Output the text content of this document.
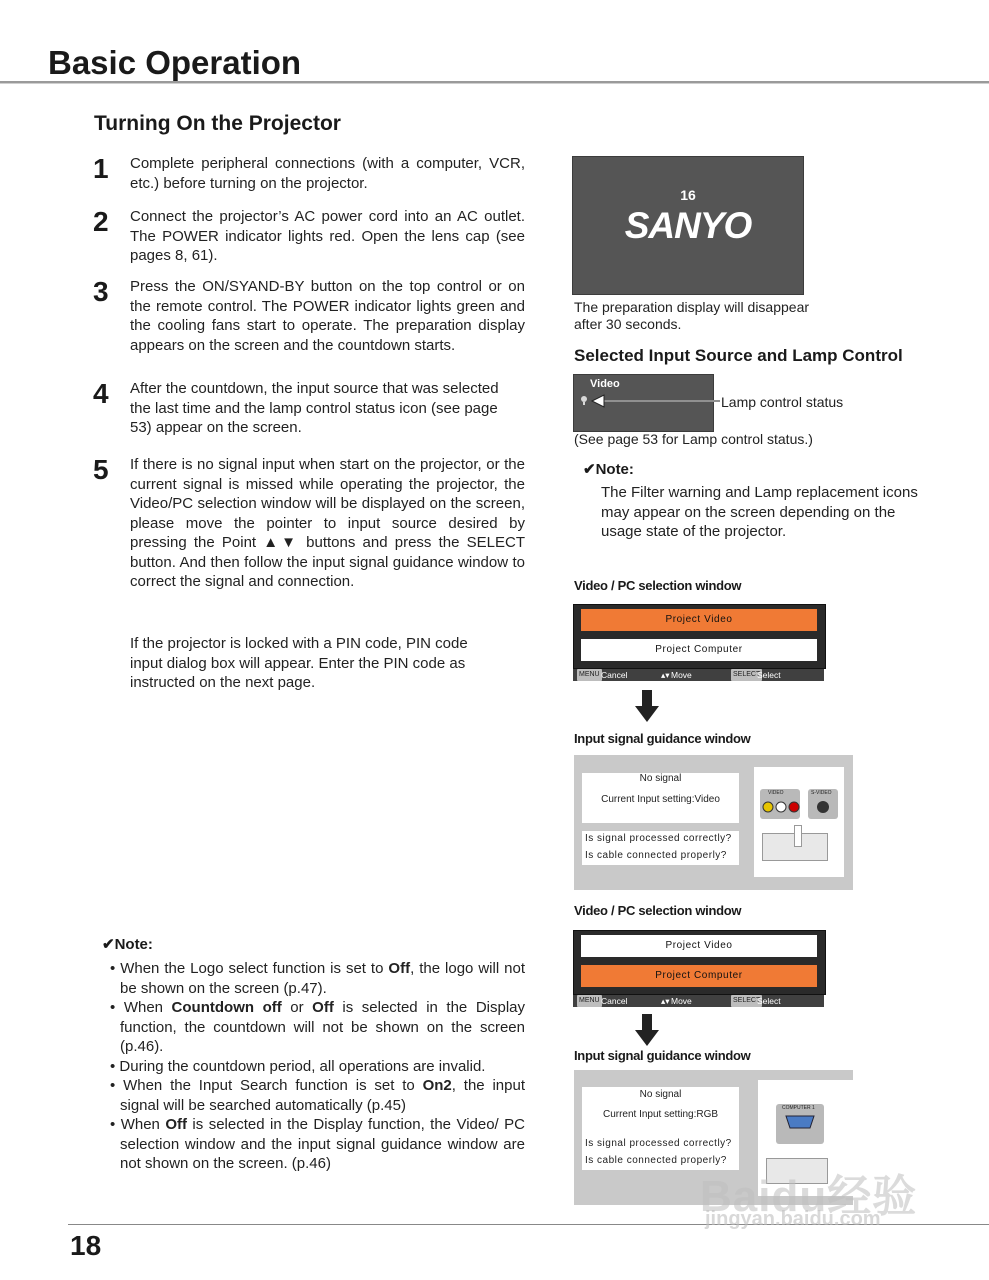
Basic Operation
Turning On the Projector
1 Complete peripheral connections (with a computer, VCR, etc.) before turning on the projector.
2 Connect the projector’s AC power cord into an AC outlet. The POWER indicator lights red. Open the lens cap (see pages 8, 61).
3 Press the ON/SYAND-BY button on the top control or on the remote control. The POWER indicator lights green and the cooling fans start to operate. The preparation display appears on the screen and the countdown starts.
4 After the countdown, the input source that was selected the last time and the lamp control status icon (see page 53) appear on the screen.
5 If there is no signal input when start on the projector, or the current signal is missed while operating the projector, the Video/PC selection window will be displayed on the screen, please move the pointer to input source desired by pressing the Point ▲▼ buttons and press the SELECT button. And then follow the input signal guidance window to correct the signal and connection.
If the projector is locked with a PIN code, PIN code input dialog box will appear. Enter the PIN code as instructed on the next page.
16
SANYO
The preparation display will disappear after 30 seconds.
Selected Input Source and Lamp Control
Video
Lamp control status
(See page 53 for Lamp control status.)
✔Note:
The Filter warning and Lamp replacement icons may appear on the screen depending on the usage state of the projector.
Video / PC selection window
Project Video
Project Computer
MENU Cancel	▴▾ Move	SELECT
Select
Input signal guidance window
No signal
Current Input setting:Video
Is signal processed correctly?
Is cable connected properly?
VIDEO	S-VIDEO
Video / PC selection window
Project Video
Project Computer
MENU Cancel	▴▾ Move	SELECT
Select
Input signal guidance window
No signal
Current Input setting:RGB
Is signal processed correctly?
Is cable connected properly?
COMPUTER 1
✔Note:
• When the Logo select function is set to Off, the logo will not be shown on the screen (p.47).
• When Countdown off or Off is selected in the Display function, the countdown will not be shown on the screen (p.46).
• During the countdown period, all operations are invalid.
• When the Input Search function is set to On2, the input signal will be searched automatically (p.45)
• When Off is selected in the Display function, the Video/ PC selection window and the input signal guidance window are not shown on the screen. (p.46)
18
Baidu经验
jingyan.baidu.com
